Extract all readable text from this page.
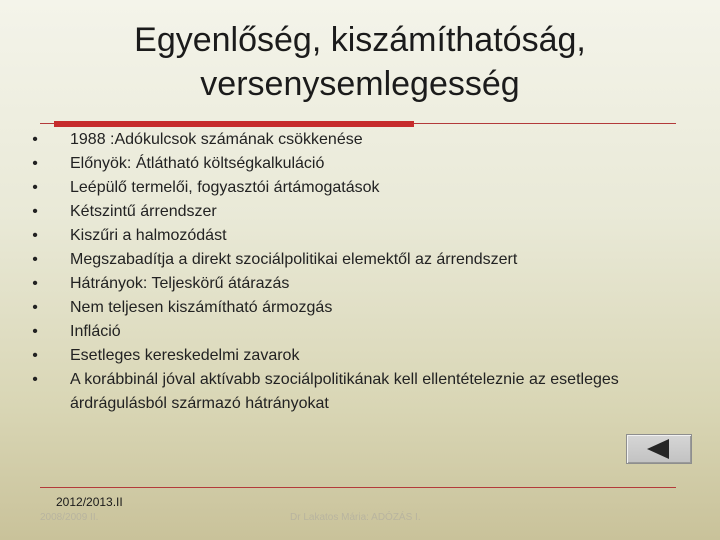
Egyenlőség, kiszámíthatóság,
versenysemlegesség
• 1988 :Adókulcsok számának csökkenése
• Előnyök: Átlátható költségkalkuláció
• Leépülő termelői, fogyasztói ártámogatások
• Kétszintű árrendszer
• Kiszűri a halmozódást
• Megszabadítja a direkt szociálpolitikai elemektől az árrendszert
• Hátrányok: Teljeskörű átárazás
• Nem teljesen kiszámítható ármozgás
• Infláció
• Esetleges kereskedelmi zavarok
• A korábbinál jóval aktívabb szociálpolitikának kell ellentételeznie az esetleges árdrágulásból származó hátrányokat
2012/2013.II
2008/2009 II.	Dr Lakatos Mária: ADÓZÁS I.
